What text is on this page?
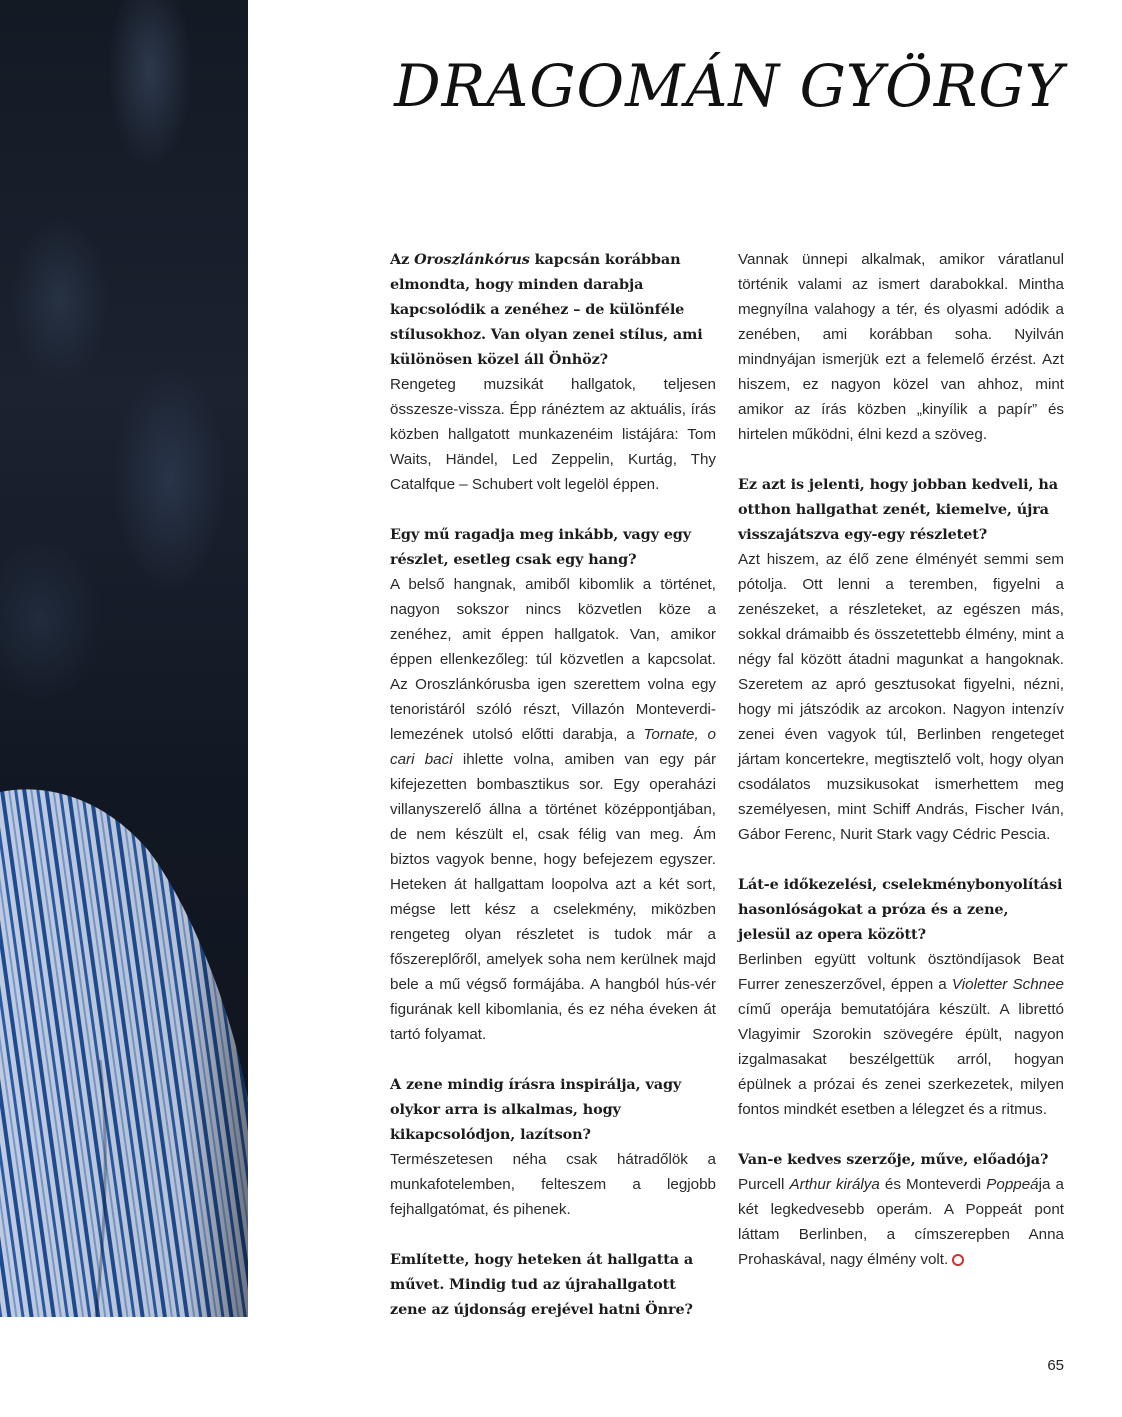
DRAGOMÁN GYÖRGY
Az Oroszlánkórus kapcsán korábban elmondta, hogy minden darabja kapcsolódik a zenéhez – de különféle stílusokhoz. Van olyan zenei stílus, ami különösen közel áll Önhöz?
Rengeteg muzsikát hallgatok, teljesen összesze-vissza. Épp ránéztem az aktuális, írás közben hallgatott munkazenéim listájára: Tom Waits, Händel, Led Zeppelin, Kurtág, Thy Catalfque – Schubert volt legelöl éppen.
Egy mű ragadja meg inkább, vagy egy részlet, esetleg csak egy hang?
A belső hangnak, amiből kibomlik a történet, nagyon sokszor nincs közvetlen köze a zenéhez, amit éppen hallgatok. Van, amikor éppen ellenkezőleg: túl közvetlen a kapcsolat. Az Oroszlánkórusba igen szerettem volna egy tenoristáról szóló részt, Villazón Monteverdi-lemezének utolsó előtti darabja, a Tornate, o cari baci ihlette volna, amiben van egy pár kifejezetten bombasztikus sor. Egy operaházi villanyszerelő állna a történet középpontjában, de nem készült el, csak félig van meg. Ám biztos vagyok benne, hogy befejezem egyszer. Heteken át hallgattam loopolva azt a két sort, mégse lett kész a cselekmény, miközben rengeteg olyan részletet is tudok már a főszereplőről, amelyek soha nem kerülnek majd bele a mű végső formájába. A hangból hús-vér figurának kell kibomlania, és ez néha éveken át tartó folyamat.
A zene mindig írásra inspirálja, vagy olykor arra is alkalmas, hogy kikapcsolódjon, lazítson?
Természetesen néha csak hátradőlök a munkafotelemben, felteszem a legjobb fejhallgatómat, és pihenek.
Említette, hogy heteken át hallgatta a művet. Mindig tud az újrahallgatott zene az újdonság erejével hatni Önre?
Vannak ünnepi alkalmak, amikor váratlanul történik valami az ismert darabokkal. Mintha megnyílna valahogy a tér, és olyasmi adódik a zenében, ami korábban soha. Nyilván mindnyájan ismerjük ezt a felemelő érzést. Azt hiszem, ez nagyon közel van ahhoz, mint amikor az írás közben „kinyílik a papír” és hirtelen működni, élni kezd a szöveg.
Ez azt is jelenti, hogy jobban kedveli, ha otthon hallgathat zenét, kiemelve, újra visszajátszva egy-egy részletet?
Azt hiszem, az élő zene élményét semmi sem pótolja. Ott lenni a teremben, figyelni a zenészeket, a részleteket, az egészen más, sokkal drámaibb és összetettebb élmény, mint a négy fal között átadni magunkat a hangoknak. Szeretem az apró gesztusokat figyelni, nézni, hogy mi játszódik az arcokon. Nagyon intenzív zenei éven vagyok túl, Berlinben rengeteget jártam koncertekre, megtisztelő volt, hogy olyan csodálatos muzsikusokat ismerhettem meg személyesen, mint Schiff András, Fischer Iván, Gábor Ferenc, Nurit Stark vagy Cédric Pescia.
Lát-e időkezelési, cselekménybonyolítási hasonlóságokat a próza és a zene, jelesül az opera között?
Berlinben együtt voltunk ösztöndíjasok Beat Furrer zeneszerzővel, éppen a Violetter Schnee című operája bemutatójára készült. A librettó Vlagyimir Szorokin szövegére épült, nagyon izgalmasakat beszélgettük arról, hogyan épülnek a prózai és zenei szerkezetek, milyen fontos mindkét esetben a lélegzet és a ritmus.
Van-e kedves szerzője, műve, előadója?
Purcell Arthur királya és Monteverdi Poppeája a két legkedvesebb operám. A Poppeát pont láttam Berlinben, a címszerepben Anna Prohaskával, nagy élmény volt.
65
